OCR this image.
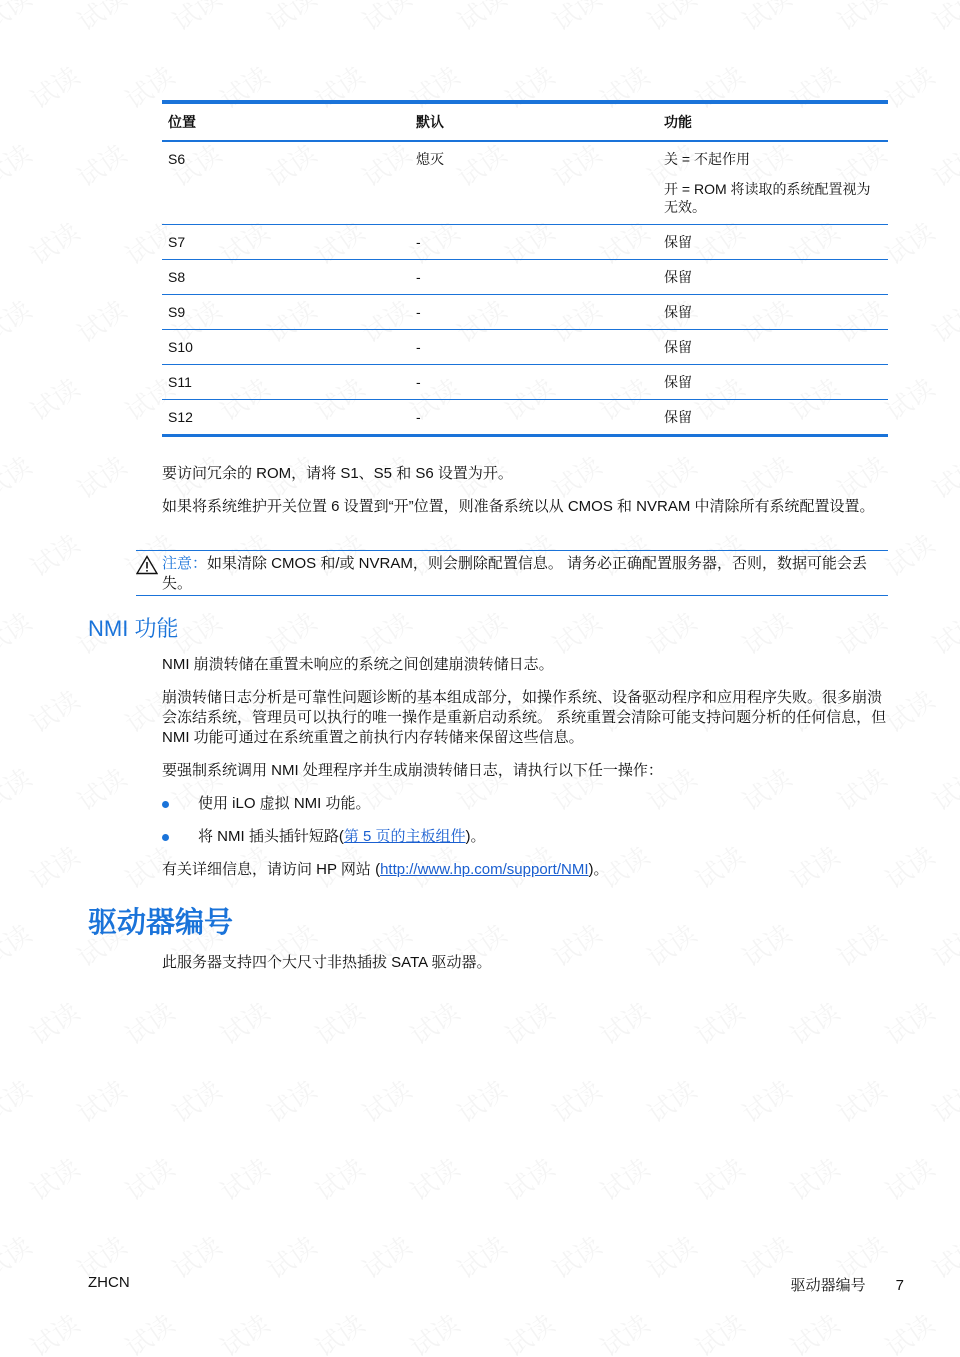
位置	默认	功能
S6	熄灭	关 = 不起作用
开 = ROM 将读取的系统配置视为无效。

S7	-	保留
S8	-	保留
S9	-	保留
S10	-	保留
S11	-	保留
S12	-	保留

要访问冗余的 ROM，请将 S1、S5 和 S6 设置为开。

如果将系统维护开关位置 6 设置到“开”位置，则准备系统以从 CMOS 和 NVRAM 中清除所有系统配置设置。

注意：如果清除 CMOS 和/或 NVRAM，则会删除配置信息。 请务必正确配置服务器，否则，数据可能会丢失。
NMI 功能

NMI 崩溃转储在重置未响应的系统之间创建崩溃转储日志。

崩溃转储日志分析是可靠性问题诊断的基本组成部分，如操作系统、设备驱动程序和应用程序失败。很多崩溃会冻结系统，管理员可以执行的唯一操作是重新启动系统。 系统重置会清除可能支持问题分析的任何信息，但 NMI 功能可通过在系统重置之前执行内存转储来保留这些信息。

要强制系统调用 NMI 处理程序并生成崩溃转储日志，请执行以下任一操作：

使用 iLO 虚拟 NMI 功能。
将 NMI 插头插针短路(第 5 页的主板组件)。

有关详细信息，请访问 HP 网站 (http://www.hp.com/support/NMI)。

驱动器编号

此服务器支持四个大尺寸非热插拔 SATA 驱动器。

ZHCN	驱动器编号 7
